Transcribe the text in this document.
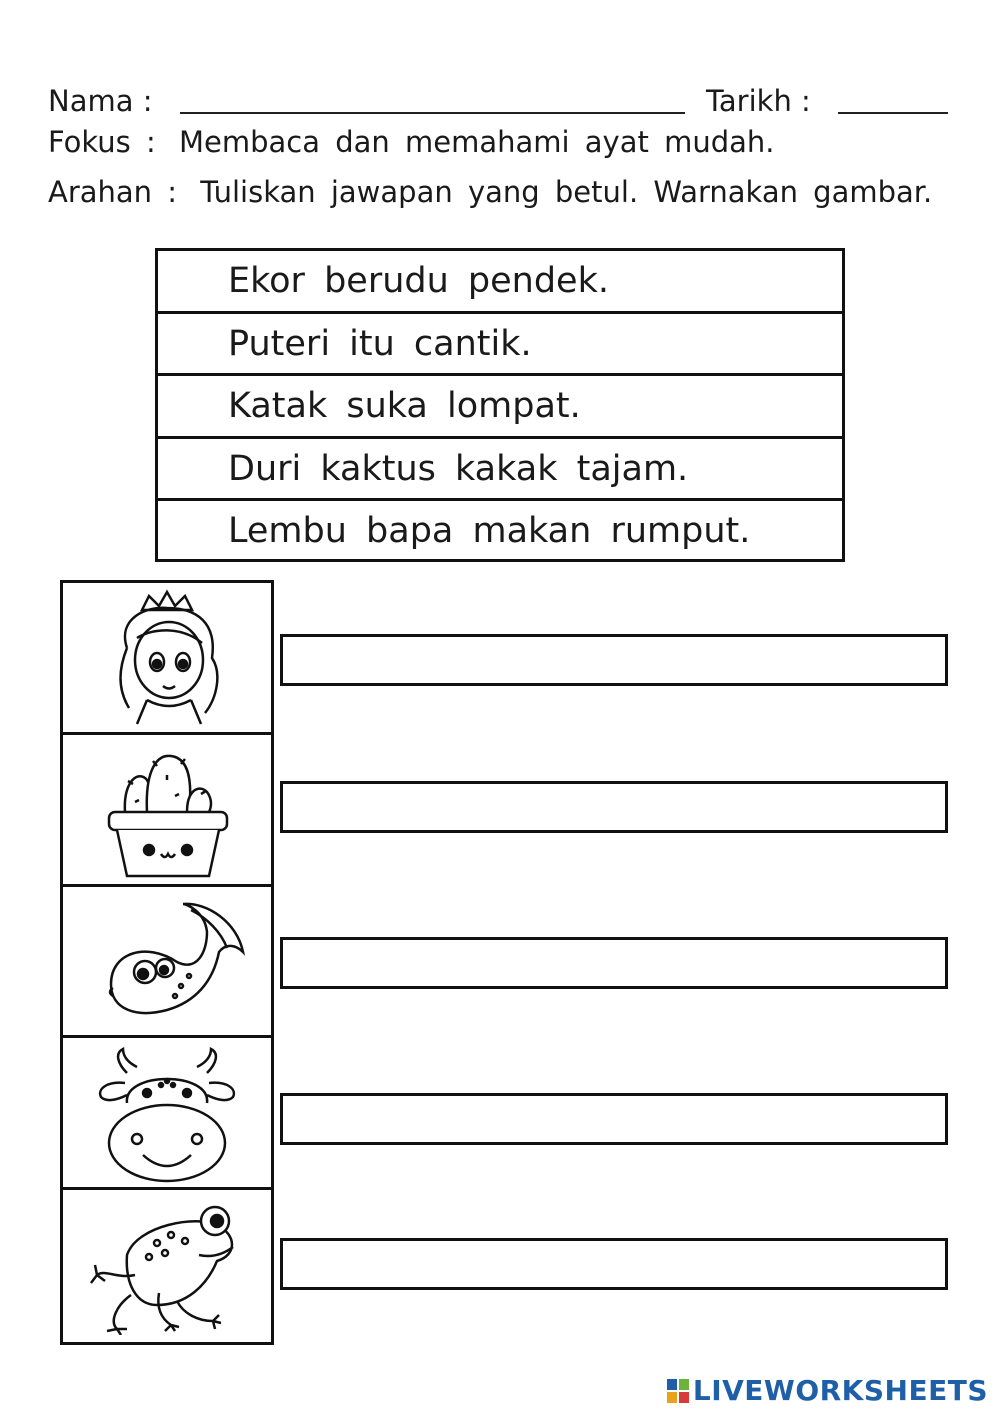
Nama :	Tarikh :
Fokus : Membaca dan memahami ayat mudah.
Arahan : Tuliskan jawapan yang betul. Warnakan gambar.
Ekor berudu pendek.
Puteri itu cantik.
Katak suka lompat.
Duri kaktus kakak tajam.
Lembu bapa makan rumput.
LIVEWORKSHEETS
